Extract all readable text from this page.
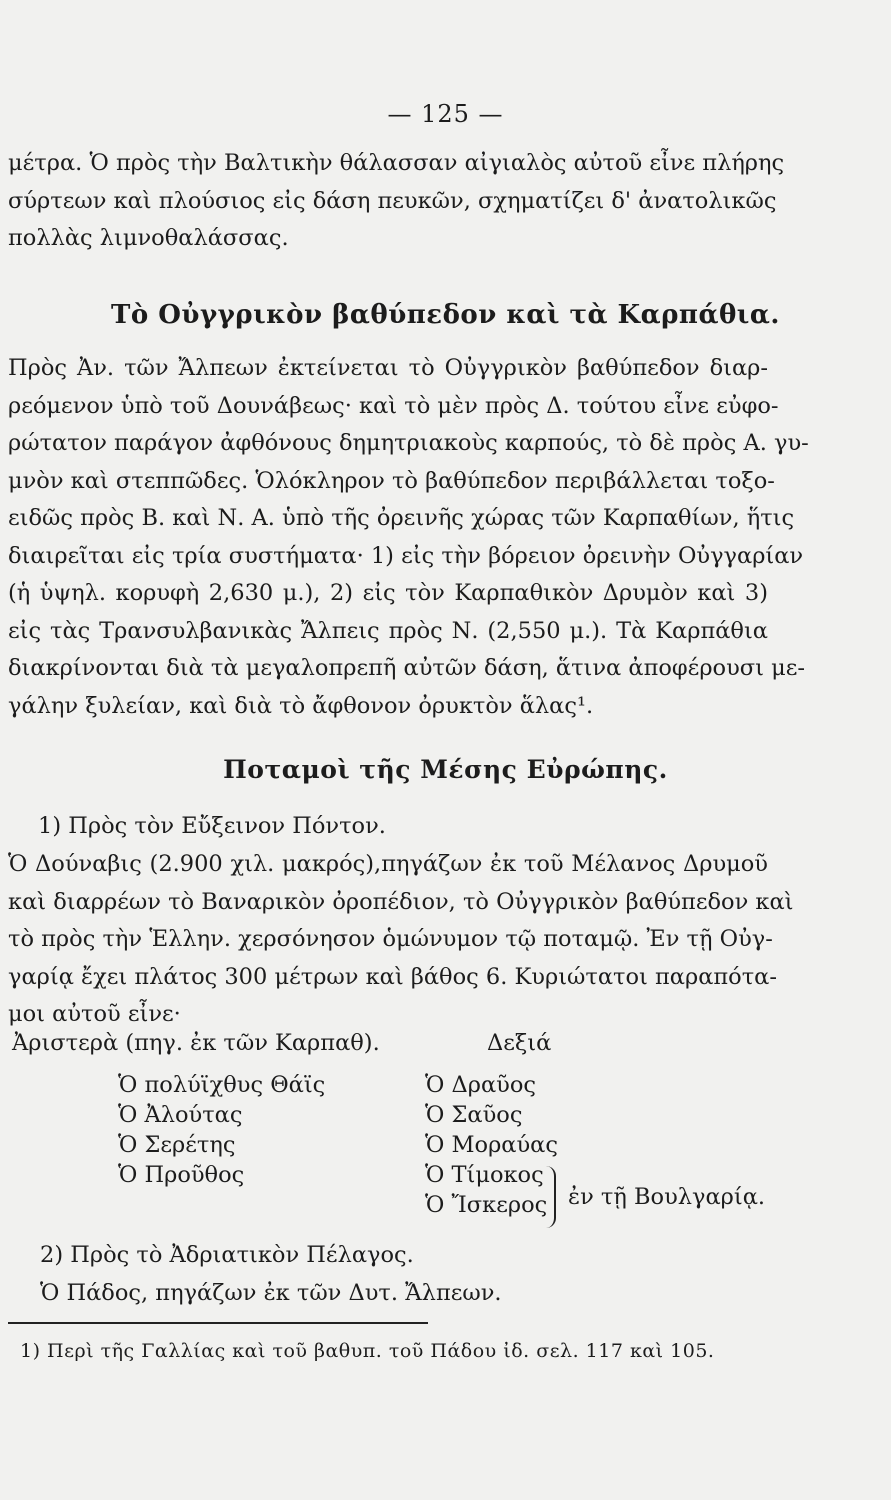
— 125 —
μέτρα. Ὁ πρὸς τὴν Βαλτικὴν θάλασσαν αἰγιαλὸς αὐτοῦ εἶνε πλήρης
σύρτεων καὶ πλούσιος εἰς δάση πευκῶν, σχηματίζει δ' ἀνατολικῶς
πολλὰς λιμνοθαλάσσας.
Τὸ Οὐγγρικὸν βαθύπεδον καὶ τὰ Καρπάθια.
Πρὸς Ἀν. τῶν Ἄλπεων ἐκτείνεται τὸ Οὐγγρικὸν βαθύπεδον διαρ-
ρεόμενον ὑπὸ τοῦ Δουνάβεως· καὶ τὸ μὲν πρὸς Δ. τούτου εἶνε εὐφο-
ρώτατον παράγον ἀφθόνους δημητριακοὺς καρπούς, τὸ δὲ πρὸς Α. γυ-
μνὸν καὶ στεππῶδες. Ὁλόκληρον τὸ βαθύπεδον περιβάλλεται τοξο-
ειδῶς πρὸς Β. καὶ Ν. Α. ὑπὸ τῆς ὀρεινῆς χώρας τῶν Καρπαθίων, ἥτις
διαιρεῖται εἰς τρία συστήματα· 1) εἰς τὴν βόρειον ὀρεινὴν Οὐγγαρίαν
(ἡ ὑψηλ. κορυφὴ 2,630 μ.), 2) εἰς τὸν Καρπαθικὸν Δρυμὸν καὶ 3)
εἰς τὰς Τρανσυλβανικὰς Ἄλπεις πρὸς Ν. (2,550 μ.). Τὰ Καρπάθια
διακρίνονται διὰ τὰ μεγαλοπρεπῆ αὐτῶν δάση, ἅτινα ἀποφέρουσι με-
γάλην ξυλείαν, καὶ διὰ τὸ ἄφθονον ὀρυκτὸν ἅλας¹.
Ποταμοὶ τῆς Μέσης Εὐρώπης.
1) Πρὸς τὸν Εὔξεινον Πόντον.
Ὁ Δούναβις (2.900 χιλ. μακρός),πηγάζων ἐκ τοῦ Μέλανος Δρυμοῦ
καὶ διαρρέων τὸ Βαναρικὸν ὀροπέδιον, τὸ Οὐγγρικὸν βαθύπεδον καὶ
τὸ πρὸς τὴν Ἑλλην. χερσόνησον ὁμώνυμον τῷ ποταμῷ. Ἐν τῇ Οὐγ-
γαρίᾳ ἔχει πλάτος 300 μέτρων καὶ βάθος 6. Κυριώτατοι παραπότα-
μοι αὐτοῦ εἶνε·
Ἀριστερὰ (πηγ. ἐκ τῶν Καρπαθ).	Δεξιά
Ὁ πολύϊχθυς Θάϊς
Ὁ Ἀλούτας
Ὁ Σερέτης
Ὁ Προῦθος
Ὁ Δραῦος
Ὁ Σαῦος
Ὁ Μοραύας
Ὁ Τίμοκος
Ὁ Ἴσκερος ἐν τῇ Βουλγαρίᾳ.
2) Πρὸς τὸ Ἀδριατικὸν Πέλαγος.
Ὁ Πάδος, πηγάζων ἐκ τῶν Δυτ. Ἄλπεων.
1) Περὶ τῆς Γαλλίας καὶ τοῦ βαθυπ. τοῦ Πάδου ἰδ. σελ. 117 καὶ 105.
